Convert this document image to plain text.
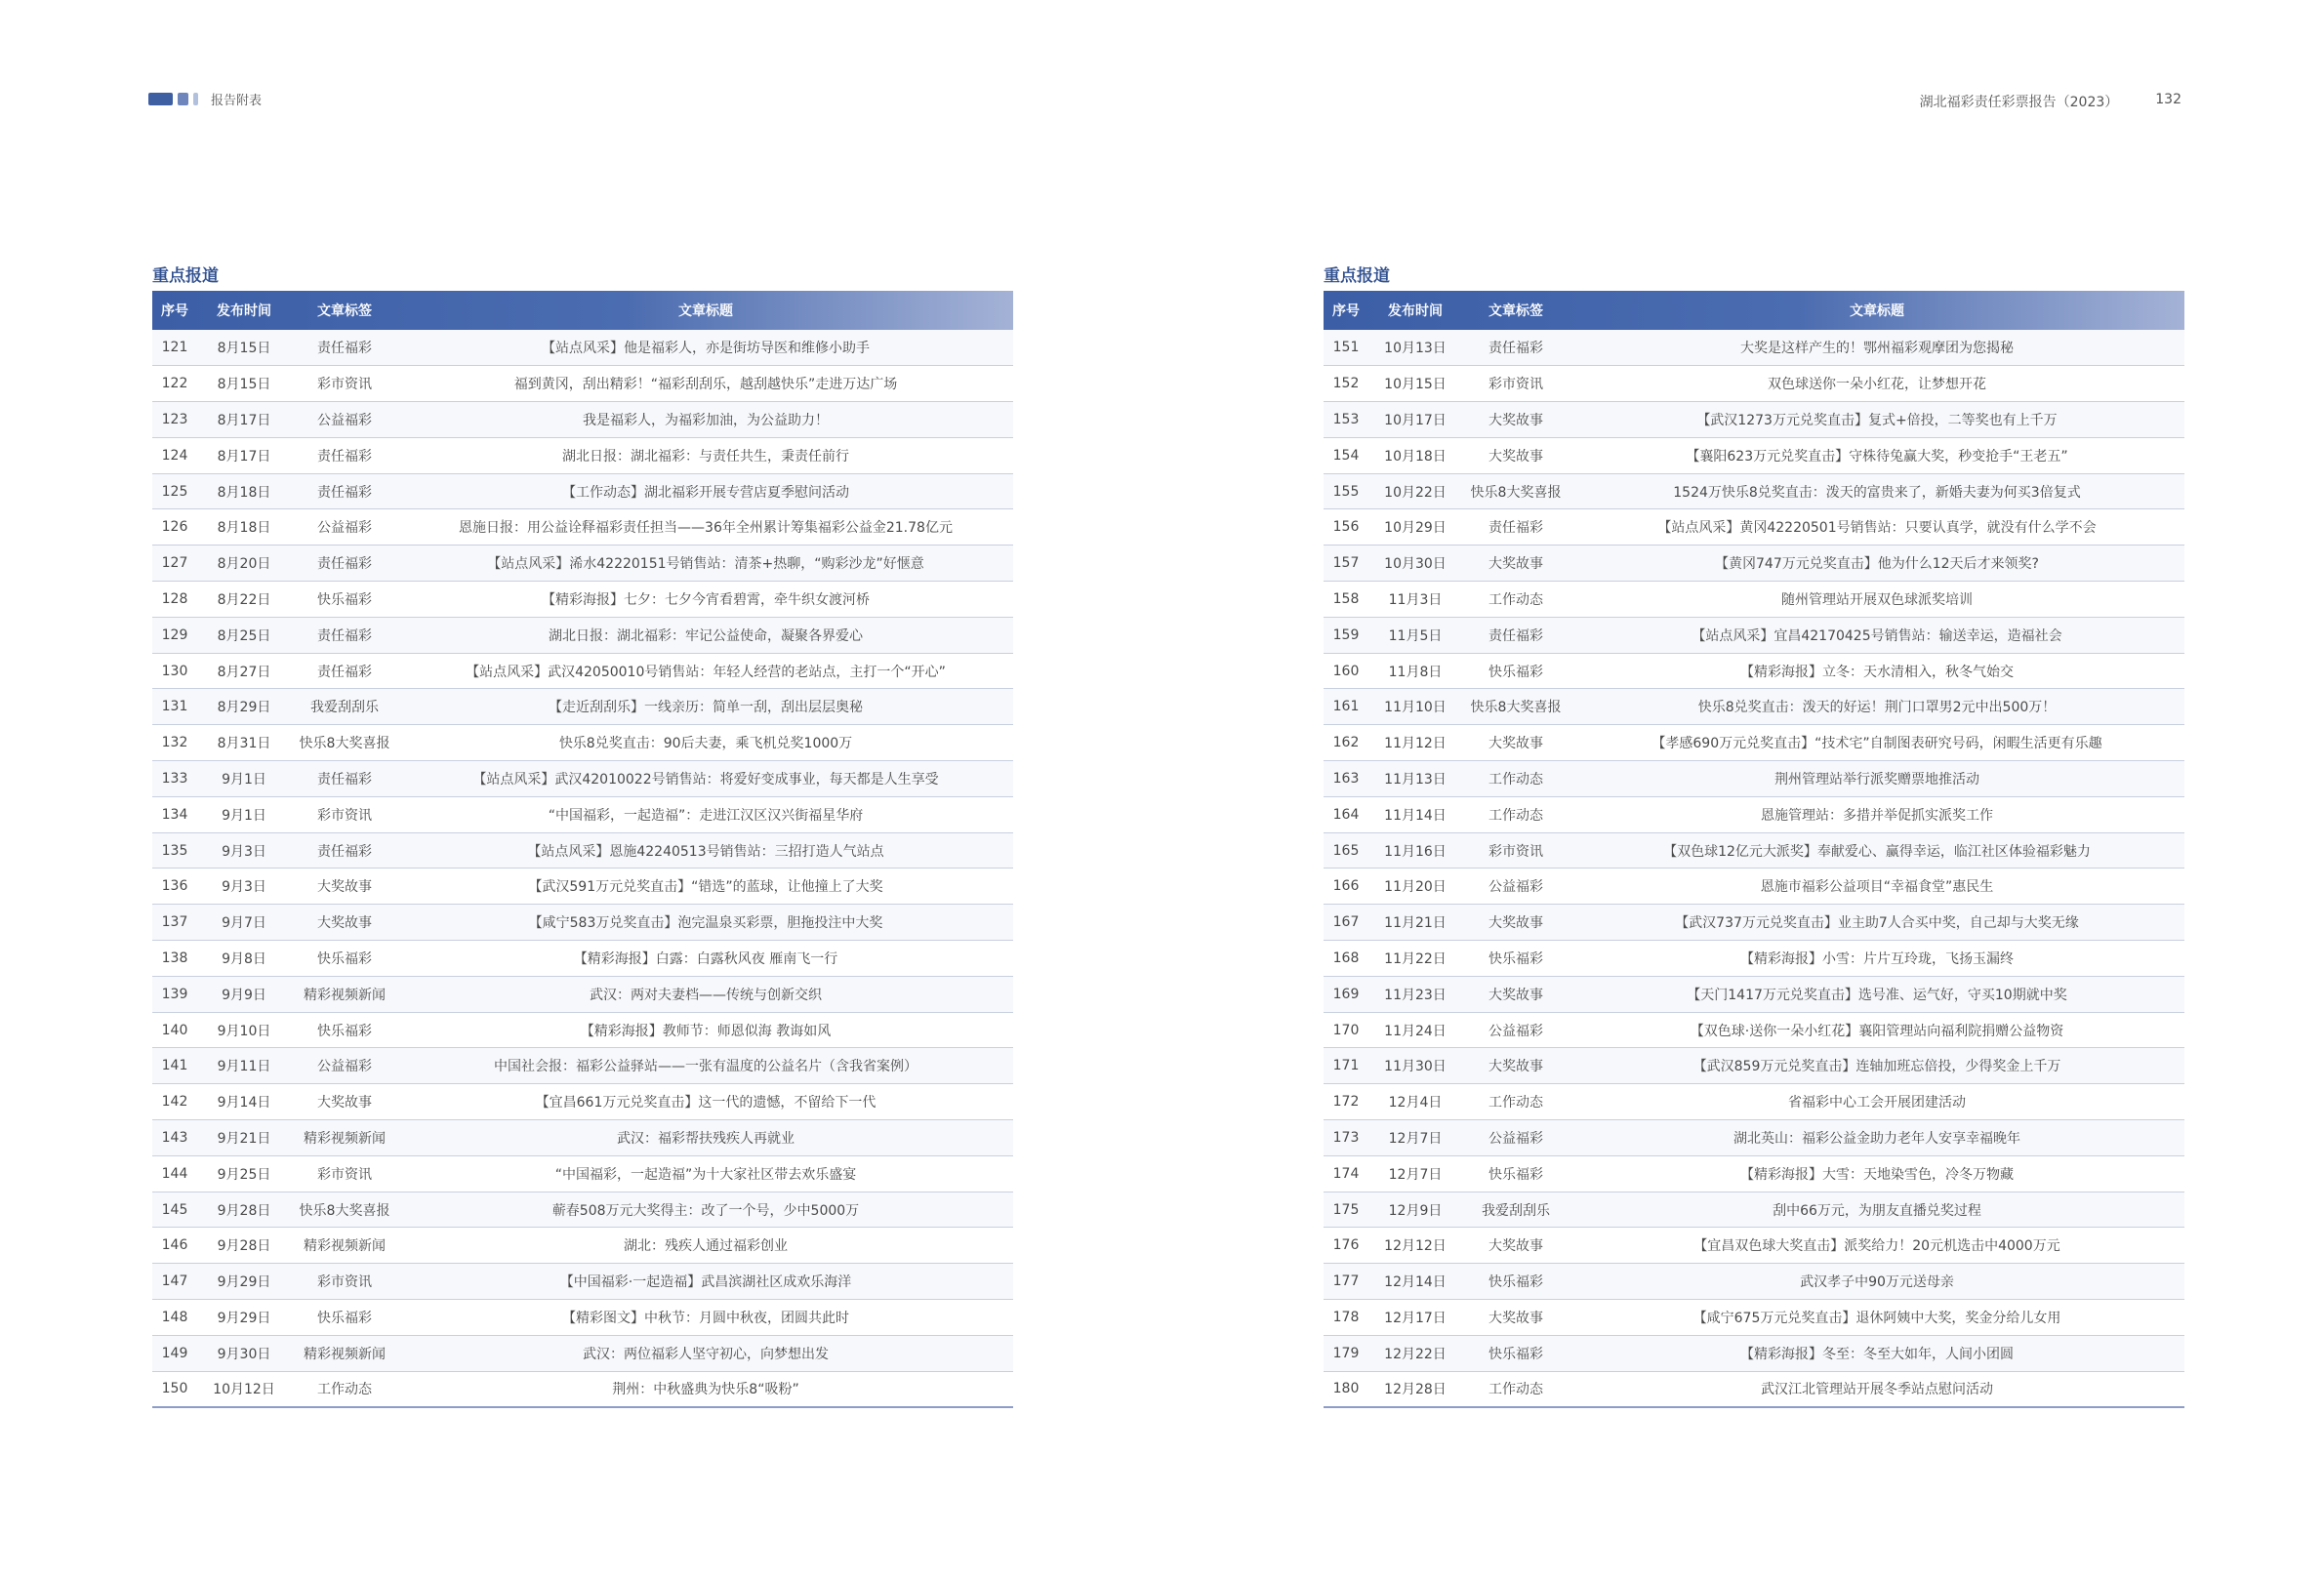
报告附表	湖北福彩责任彩票报告（2023）	132
重点报道
序号	发布时间	文章标签	文章标题
121	8月15日	责任福彩	【站点风采】他是福彩人，亦是街坊导医和维修小助手
122	8月15日	彩市资讯	福到黄冈，刮出精彩！“福彩刮刮乐，越刮越快乐”走进万达广场
123	8月17日	公益福彩	我是福彩人，为福彩加油，为公益助力！
124	8月17日	责任福彩	湖北日报：湖北福彩：与责任共生，秉责任前行
125	8月18日	责任福彩	【工作动态】湖北福彩开展专营店夏季慰问活动
126	8月18日	公益福彩	恩施日报：用公益诠释福彩责任担当——36年全州累计筹集福彩公益金21.78亿元
127	8月20日	责任福彩	【站点风采】浠水42220151号销售站：清茶+热聊，“购彩沙龙”好惬意
128	8月22日	快乐福彩	【精彩海报】七夕：七夕今宵看碧霄，牵牛织女渡河桥
129	8月25日	责任福彩	湖北日报：湖北福彩：牢记公益使命，凝聚各界爱心
130	8月27日	责任福彩	【站点风采】武汉42050010号销售站：年轻人经营的老站点，主打一个“开心”
131	8月29日	我爱刮刮乐	【走近刮刮乐】一线亲历：简单一刮，刮出层层奥秘
132	8月31日	快乐8大奖喜报	快乐8兑奖直击：90后夫妻，乘飞机兑奖1000万
133	9月1日	责任福彩	【站点风采】武汉42010022号销售站：将爱好变成事业，每天都是人生享受
134	9月1日	彩市资讯	“中国福彩，一起造福”：走进江汉区汉兴街福星华府
135	9月3日	责任福彩	【站点风采】恩施42240513号销售站：三招打造人气站点
136	9月3日	大奖故事	【武汉591万元兑奖直击】“错选”的蓝球，让他撞上了大奖
137	9月7日	大奖故事	【咸宁583万兑奖直击】泡完温泉买彩票，胆拖投注中大奖
138	9月8日	快乐福彩	【精彩海报】白露：白露秋风夜 雁南飞一行
139	9月9日	精彩视频新闻	武汉：两对夫妻档——传统与创新交织
140	9月10日	快乐福彩	【精彩海报】教师节：师恩似海 教诲如风
141	9月11日	公益福彩	中国社会报：福彩公益驿站——一张有温度的公益名片（含我省案例）
142	9月14日	大奖故事	【宜昌661万元兑奖直击】这一代的遗憾，不留给下一代
143	9月21日	精彩视频新闻	武汉：福彩帮扶残疾人再就业
144	9月25日	彩市资讯	“中国福彩，一起造福”为十大家社区带去欢乐盛宴
145	9月28日	快乐8大奖喜报	蕲春508万元大奖得主：改了一个号，少中5000万
146	9月28日	精彩视频新闻	湖北：残疾人通过福彩创业
147	9月29日	彩市资讯	【中国福彩·一起造福】武昌滨湖社区成欢乐海洋
148	9月29日	快乐福彩	【精彩图文】中秋节：月圆中秋夜，团圆共此时
149	9月30日	精彩视频新闻	武汉：两位福彩人坚守初心，向梦想出发
150	10月12日	工作动态	荆州：中秋盛典为快乐8“吸粉”
重点报道
序号	发布时间	文章标签	文章标题
151	10月13日	责任福彩	大奖是这样产生的！鄂州福彩观摩团为您揭秘
152	10月15日	彩市资讯	双色球送你一朵小红花，让梦想开花
153	10月17日	大奖故事	【武汉1273万元兑奖直击】复式+倍投，二等奖也有上千万
154	10月18日	大奖故事	【襄阳623万元兑奖直击】守株待兔赢大奖，秒变抢手“王老五”
155	10月22日	快乐8大奖喜报	1524万快乐8兑奖直击：泼天的富贵来了，新婚夫妻为何买3倍复式
156	10月29日	责任福彩	【站点风采】黄冈42220501号销售站：只要认真学，就没有什么学不会
157	10月30日	大奖故事	【黄冈747万元兑奖直击】他为什么12天后才来领奖?
158	11月3日	工作动态	随州管理站开展双色球派奖培训
159	11月5日	责任福彩	【站点风采】宜昌42170425号销售站：输送幸运，造福社会
160	11月8日	快乐福彩	【精彩海报】立冬：天水清相入，秋冬气始交
161	11月10日	快乐8大奖喜报	快乐8兑奖直击：泼天的好运！荆门口罩男2元中出500万！
162	11月12日	大奖故事	【孝感690万元兑奖直击】“技术宅”自制图表研究号码，闲暇生活更有乐趣
163	11月13日	工作动态	荆州管理站举行派奖赠票地推活动
164	11月14日	工作动态	恩施管理站：多措并举促抓实派奖工作
165	11月16日	彩市资讯	【双色球12亿元大派奖】奉献爱心、赢得幸运，临江社区体验福彩魅力
166	11月20日	公益福彩	恩施市福彩公益项目“幸福食堂”惠民生
167	11月21日	大奖故事	【武汉737万元兑奖直击】业主助7人合买中奖，自己却与大奖无缘
168	11月22日	快乐福彩	【精彩海报】小雪：片片互玲珑，飞扬玉漏终
169	11月23日	大奖故事	【天门1417万元兑奖直击】选号准、运气好，守买10期就中奖
170	11月24日	公益福彩	【双色球·送你一朵小红花】襄阳管理站向福利院捐赠公益物资
171	11月30日	大奖故事	【武汉859万元兑奖直击】连轴加班忘倍投，少得奖金上千万
172	12月4日	工作动态	省福彩中心工会开展团建活动
173	12月7日	公益福彩	湖北英山：福彩公益金助力老年人安享幸福晚年
174	12月7日	快乐福彩	【精彩海报】大雪：天地染雪色，冷冬万物藏
175	12月9日	我爱刮刮乐	刮中66万元，为朋友直播兑奖过程
176	12月12日	大奖故事	【宜昌双色球大奖直击】派奖给力！20元机选击中4000万元
177	12月14日	快乐福彩	武汉孝子中90万元送母亲
178	12月17日	大奖故事	【咸宁675万元兑奖直击】退休阿姨中大奖，奖金分给儿女用
179	12月22日	快乐福彩	【精彩海报】冬至：冬至大如年，人间小团圆
180	12月28日	工作动态	武汉江北管理站开展冬季站点慰问活动
